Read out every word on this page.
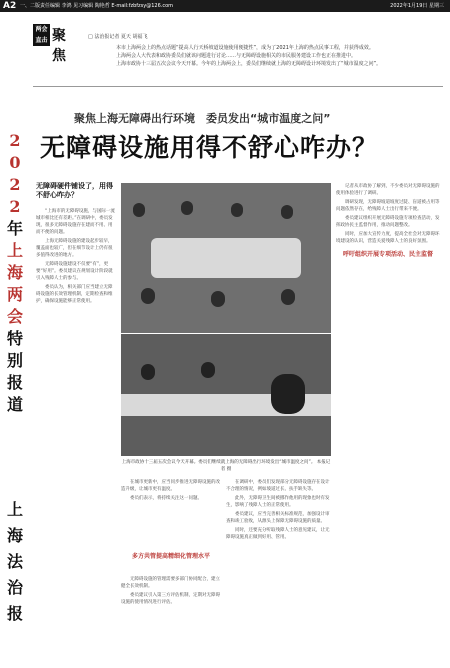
A2 一、二版责任编辑 李鸿 见习编辑 陶艳哲 E-mail:fzbfzsy@126.com	2022年1月19日 星期三
2
0
2
2
年
上
海
两
会
特
别
报
道
上
海
法
治
报
两会直击 聚焦
□ 法治报记者 夏天 胡福飞

本市上海两会上的热点话题“提高人行天桥坡道设施使用便捷性”，成为了2021年上海的热点民事工程，并获得成效。

上海两会人大代表和政协委员们就该问题进行讨论……与无障碍设施相关的市民服务建设工作也正在推进中。

上海市政协十三届五次会议今天开幕。今年的上海两会上，委员们继续就上海的无障碍设计环境发出了“城市温度之问”。

聚焦上海无障碍出行环境　委员发出“城市温度之问”
无障碍设施用得不舒心咋办？
无障碍硬件铺设了，用得不舒心咋办？

“上海市的无障碍设施，与国际一流城市相比还有差距。”在调研中，委员发现，很多无障碍设施存在建而不用、用而不便的问题。

上海无障碍设施的建设起步较早，覆盖面也较广，但在细节设计上仍有很多值得改进的地方。

无障碍设施建设不仅要“有”，更要“好用”。委员建议在规划设计阶段就引入残障人士的参与。

委员认为，相关部门应当建立无障碍设施的长效管理机制，定期检查和维护，确保设施能够正常使用。

上海市政协十三届五次会议今天开幕。委员们继续就上海的无障碍出行环境发出“城市温度之问”。 本报记者 摄

记者从市政协了解到，不少委员对无障碍设施的使用体验进行了调研。

调研发现，无障碍坡道坡度过陡、盲道被占用等问题依然存在，给残障人士出行带来不便。

委员建议组织开展无障碍设施专项检查活动，发挥政协民主监督作用，推动问题整改。

同时，应加大宣传力度，提高全社会对无障碍环境建设的认识，营造关爱残障人士的良好氛围。

呼吁组织开展专项活动、民主监督

在城市更新中，应当同步推进无障碍设施的改造升级，让城市更有温度。

委员们表示，将持续关注这一问题。

多方共管提高精细化管理水平

无障碍设施的管理需要多部门协同配合，建立健全长效机制。

委员建议引入第三方评估机制，定期对无障碍设施的使用情况进行评估。

在调研中，委员们发现部分无障碍设施存在设计不合理的情况，例如坡道过长、扶手缺失等。

此外，无障碍卫生间被挪作他用的现象也时有发生，影响了残障人士的正常使用。

委员建议，应当完善相关标准规范，加强设计审查和竣工验收，从源头上保障无障碍设施的质量。

同时，还要充分听取残障人士的意见建议，让无障碍设施真正做到好用、管用。
